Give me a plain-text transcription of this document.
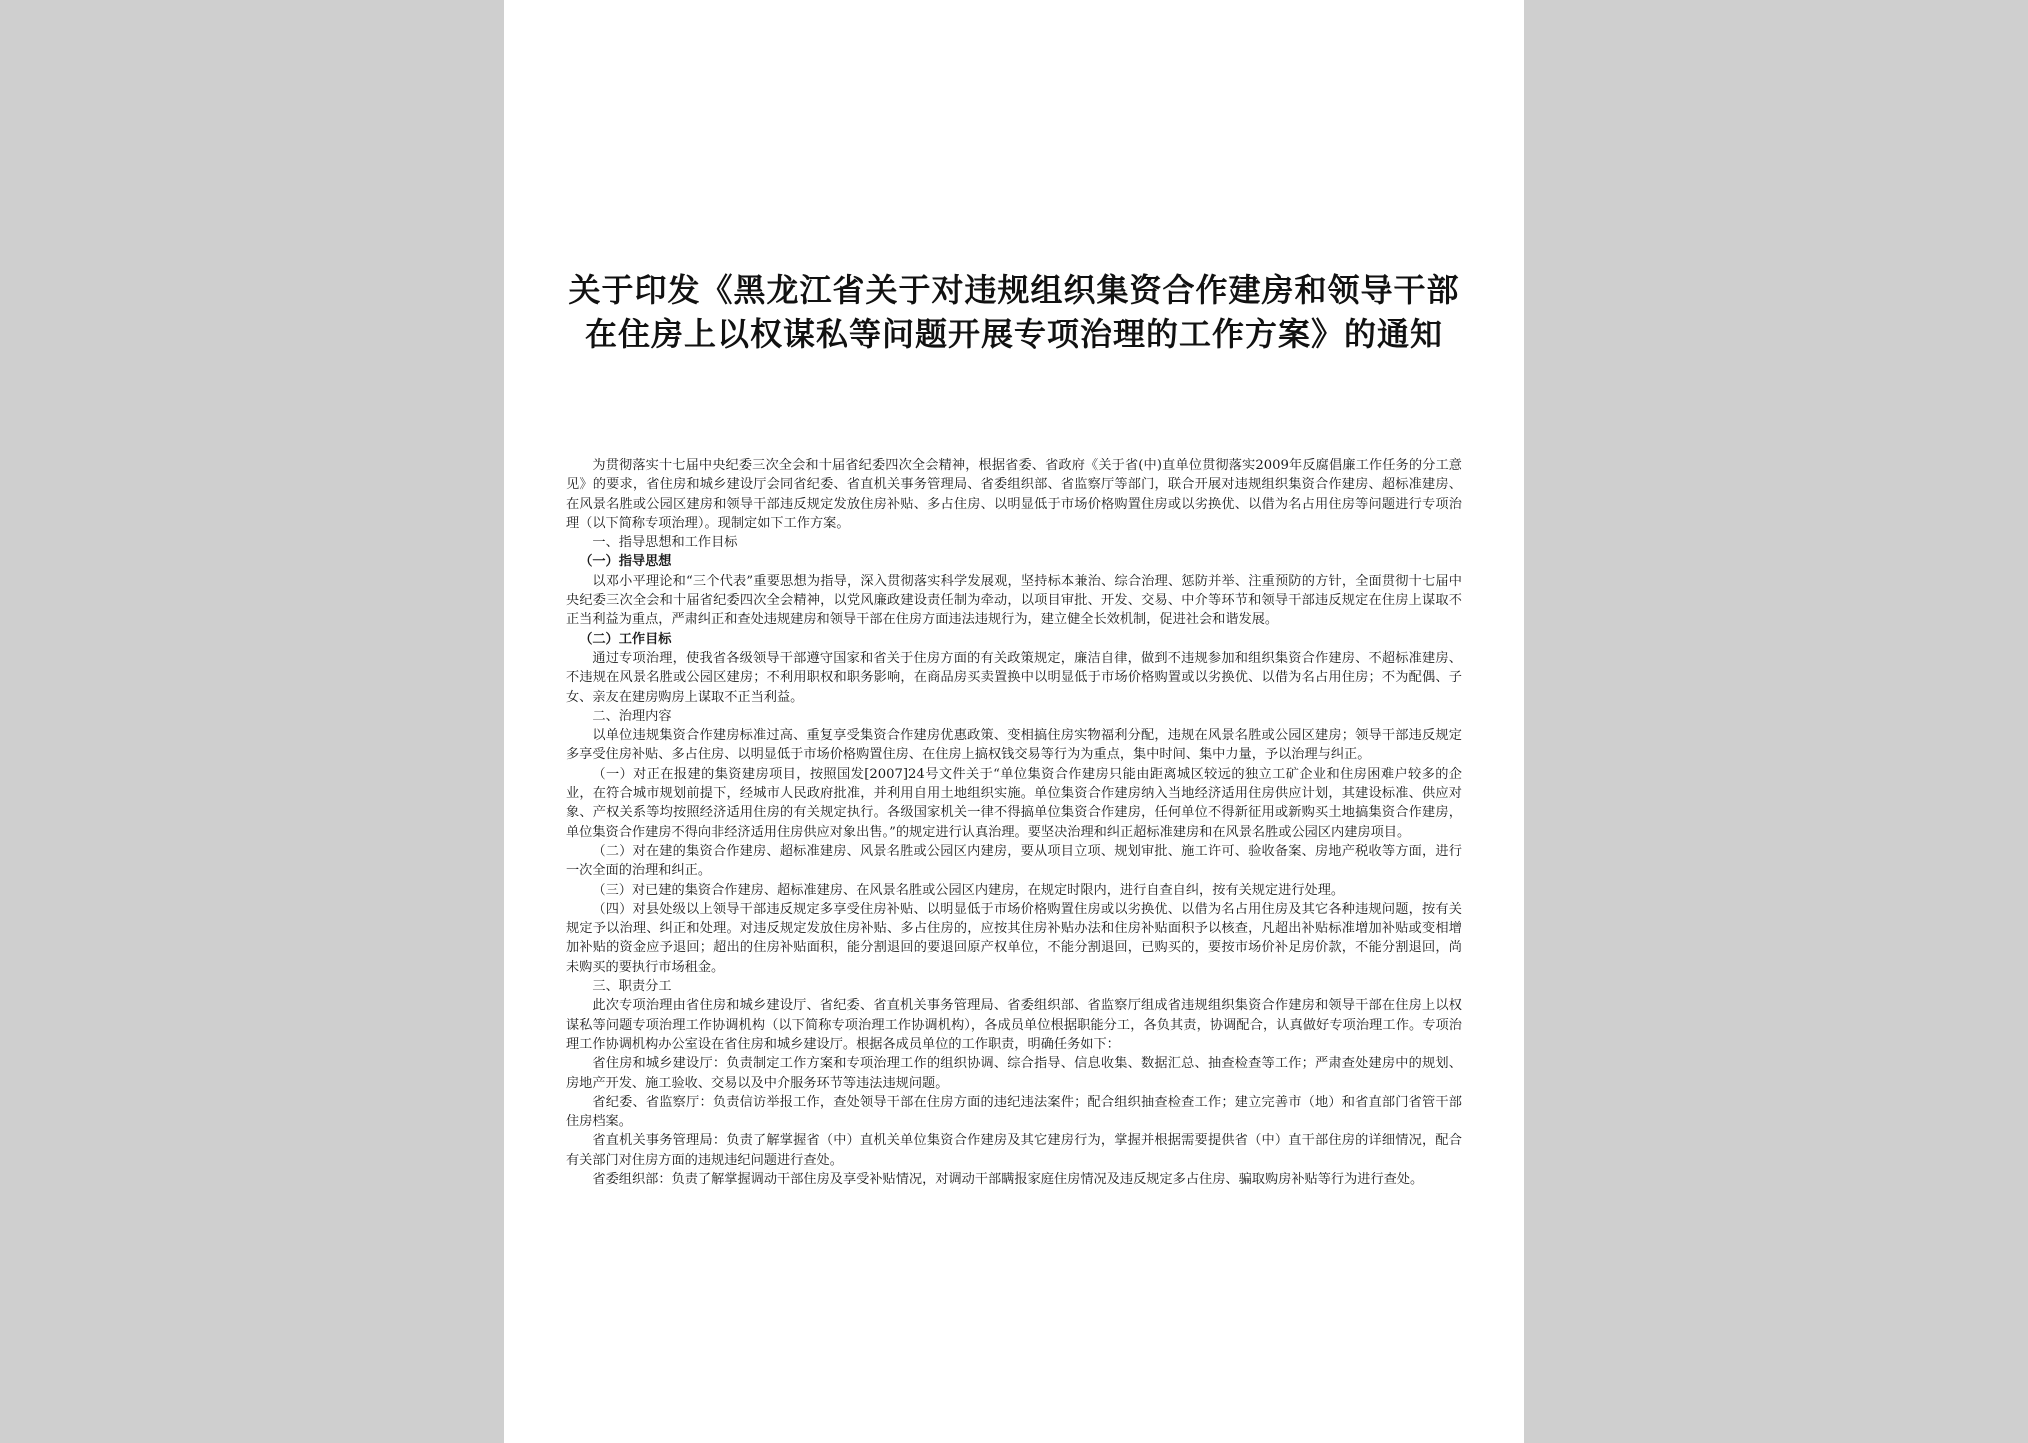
关于印发《黑龙江省关于对违规组织集资合作建房和领导干部在住房上以权谋私等问题开展专项治理的工作方案》的通知

为贯彻落实十七届中央纪委三次全会和十届省纪委四次全会精神，根据省委、省政府《关于省(中)直单位贯彻落实2009年反腐倡廉工作任务的分工意见》的要求，省住房和城乡建设厅会同省纪委、省直机关事务管理局、省委组织部、省监察厅等部门，联合开展对违规组织集资合作建房、超标准建房、在风景名胜或公园区建房和领导干部违反规定发放住房补贴、多占住房、以明显低于市场价格购置住房或以劣换优、以借为名占用住房等问题进行专项治理（以下简称专项治理）。现制定如下工作方案。

一、指导思想和工作目标

（一）指导思想

以邓小平理论和“三个代表”重要思想为指导，深入贯彻落实科学发展观，坚持标本兼治、综合治理、惩防并举、注重预防的方针，全面贯彻十七届中央纪委三次全会和十届省纪委四次全会精神，以党风廉政建设责任制为牵动，以项目审批、开发、交易、中介等环节和领导干部违反规定在住房上谋取不正当利益为重点，严肃纠正和查处违规建房和领导干部在住房方面违法违规行为，建立健全长效机制，促进社会和谐发展。

（二）工作目标

通过专项治理，使我省各级领导干部遵守国家和省关于住房方面的有关政策规定，廉洁自律，做到不违规参加和组织集资合作建房、不超标准建房、不违规在风景名胜或公园区建房；不利用职权和职务影响，在商品房买卖置换中以明显低于市场价格购置或以劣换优、以借为名占用住房；不为配偶、子女、亲友在建房购房上谋取不正当利益。

二、治理内容

以单位违规集资合作建房标准过高、重复享受集资合作建房优惠政策、变相搞住房实物福利分配，违规在风景名胜或公园区建房；领导干部违反规定多享受住房补贴、多占住房、以明显低于市场价格购置住房、在住房上搞权钱交易等行为为重点，集中时间、集中力量，予以治理与纠正。

（一）对正在报建的集资建房项目，按照国发[2007]24号文件关于“单位集资合作建房只能由距离城区较远的独立工矿企业和住房困难户较多的企业，在符合城市规划前提下，经城市人民政府批准，并利用自用土地组织实施。单位集资合作建房纳入当地经济适用住房供应计划，其建设标准、供应对象、产权关系等均按照经济适用住房的有关规定执行。各级国家机关一律不得搞单位集资合作建房，任何单位不得新征用或新购买土地搞集资合作建房，单位集资合作建房不得向非经济适用住房供应对象出售。”的规定进行认真治理。要坚决治理和纠正超标准建房和在风景名胜或公园区内建房项目。

（二）对在建的集资合作建房、超标准建房、风景名胜或公园区内建房，要从项目立项、规划审批、施工许可、验收备案、房地产税收等方面，进行一次全面的治理和纠正。

（三）对已建的集资合作建房、超标准建房、在风景名胜或公园区内建房，在规定时限内，进行自查自纠，按有关规定进行处理。

（四）对县处级以上领导干部违反规定多享受住房补贴、以明显低于市场价格购置住房或以劣换优、以借为名占用住房及其它各种违规问题，按有关规定予以治理、纠正和处理。对违反规定发放住房补贴、多占住房的，应按其住房补贴办法和住房补贴面积予以核查，凡超出补贴标准增加补贴或变相增加补贴的资金应予退回；超出的住房补贴面积，能分割退回的要退回原产权单位，不能分割退回，已购买的，要按市场价补足房价款，不能分割退回，尚未购买的要执行市场租金。

三、职责分工

此次专项治理由省住房和城乡建设厅、省纪委、省直机关事务管理局、省委组织部、省监察厅组成省违规组织集资合作建房和领导干部在住房上以权谋私等问题专项治理工作协调机构（以下简称专项治理工作协调机构），各成员单位根据职能分工，各负其责，协调配合，认真做好专项治理工作。专项治理工作协调机构办公室设在省住房和城乡建设厅。根据各成员单位的工作职责，明确任务如下：

省住房和城乡建设厅：负责制定工作方案和专项治理工作的组织协调、综合指导、信息收集、数据汇总、抽查检查等工作；严肃查处建房中的规划、房地产开发、施工验收、交易以及中介服务环节等违法违规问题。

省纪委、省监察厅：负责信访举报工作，查处领导干部在住房方面的违纪违法案件；配合组织抽查检查工作；建立完善市（地）和省直部门省管干部住房档案。

省直机关事务管理局：负责了解掌握省（中）直机关单位集资合作建房及其它建房行为，掌握并根据需要提供省（中）直干部住房的详细情况，配合有关部门对住房方面的违规违纪问题进行查处。

省委组织部：负责了解掌握调动干部住房及享受补贴情况，对调动干部瞒报家庭住房情况及违反规定多占住房、骗取购房补贴等行为进行查处。
